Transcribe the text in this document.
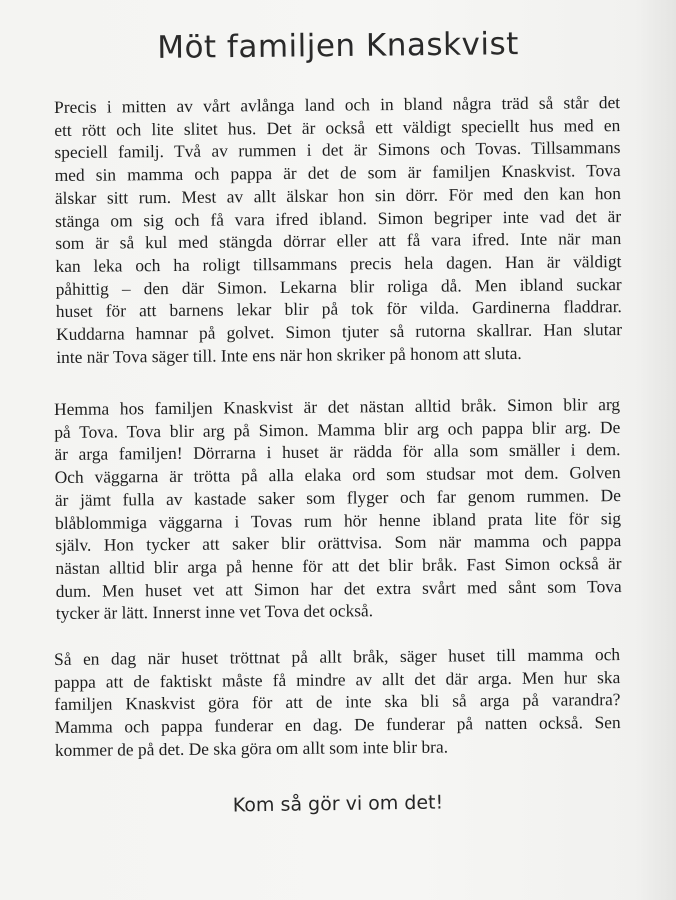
Möt familjen Knaskvist
Precis i mitten av vårt avlånga land och in bland några träd så står det
ett rött och lite slitet hus. Det är också ett väldigt speciellt hus med en
speciell familj. Två av rummen i det är Simons och Tovas. Tillsammans
med sin mamma och pappa är det de som är familjen Knaskvist. Tova
älskar sitt rum. Mest av allt älskar hon sin dörr. För med den kan hon
stänga om sig och få vara ifred ibland. Simon begriper inte vad det är
som är så kul med stängda dörrar eller att få vara ifred. Inte när man
kan leka och ha roligt tillsammans precis hela dagen. Han är väldigt
påhittig – den där Simon. Lekarna blir roliga då. Men ibland suckar
huset för att barnens lekar blir på tok för vilda. Gardinerna fladdrar.
Kuddarna hamnar på golvet. Simon tjuter så rutorna skallrar. Han slutar
inte när Tova säger till. Inte ens när hon skriker på honom att sluta.
Hemma hos familjen Knaskvist är det nästan alltid bråk. Simon blir arg
på Tova. Tova blir arg på Simon. Mamma blir arg och pappa blir arg. De
är arga familjen! Dörrarna i huset är rädda för alla som smäller i dem.
Och väggarna är trötta på alla elaka ord som studsar mot dem. Golven
är jämt fulla av kastade saker som flyger och far genom rummen. De
blåblommiga väggarna i Tovas rum hör henne ibland prata lite för sig
själv. Hon tycker att saker blir orättvisa. Som när mamma och pappa
nästan alltid blir arga på henne för att det blir bråk. Fast Simon också är
dum. Men huset vet att Simon har det extra svårt med sånt som Tova
tycker är lätt. Innerst inne vet Tova det också.
Så en dag när huset tröttnat på allt bråk, säger huset till mamma och
pappa att de faktiskt måste få mindre av allt det där arga. Men hur ska
familjen Knaskvist göra för att de inte ska bli så arga på varandra?
Mamma och pappa funderar en dag. De funderar på natten också. Sen
kommer de på det. De ska göra om allt som inte blir bra.
Kom så gör vi om det!
